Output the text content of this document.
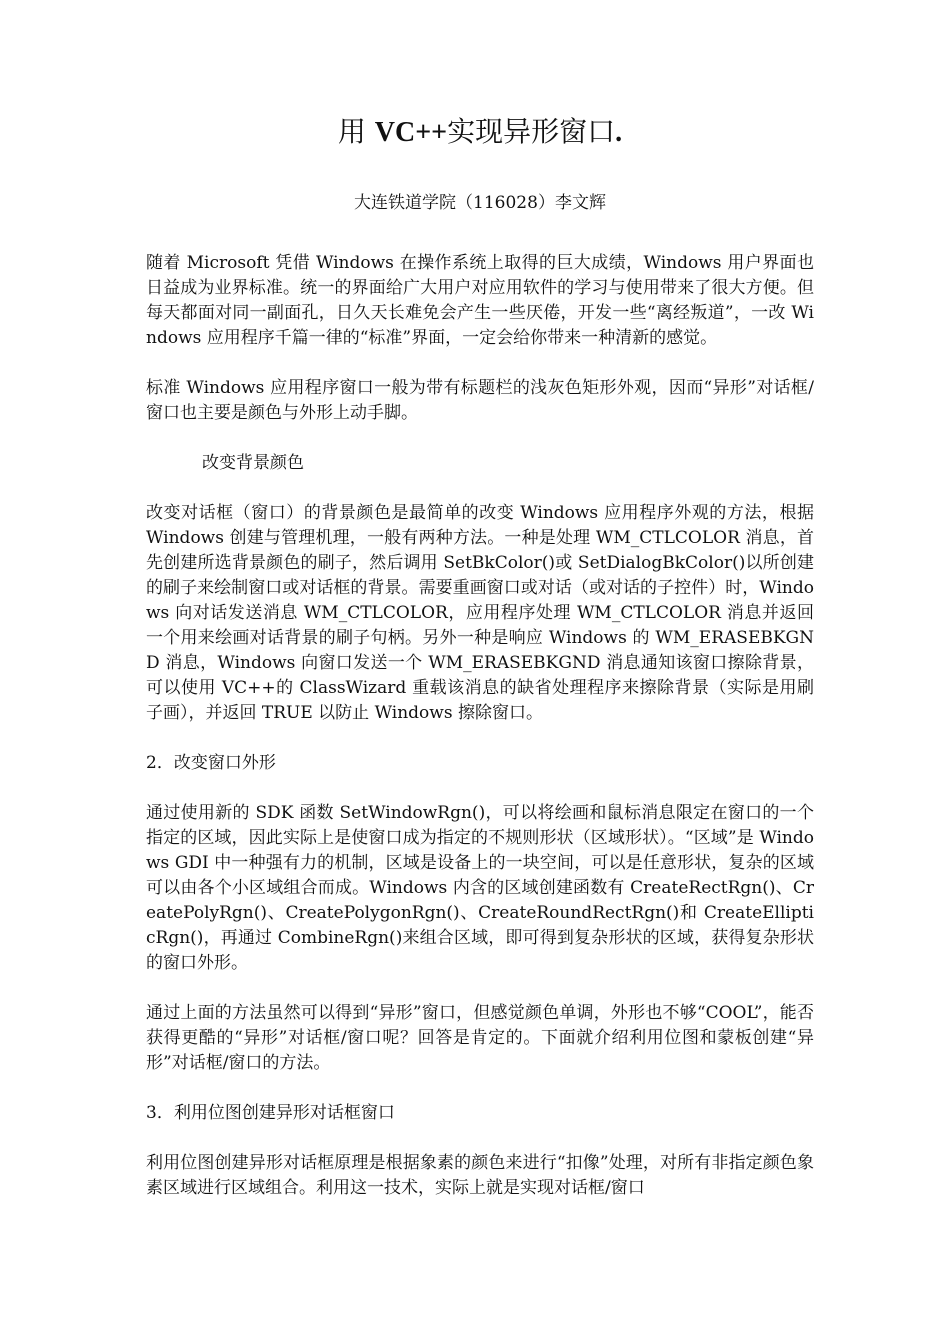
用 VC++实现异形窗口.

大连铁道学院（116028）李文辉

随着 Microsoft 凭借 Windows 在操作系统上取得的巨大成绩，Windows 用户界面也日益成为业界标准。统一的界面给广大用户对应用软件的学习与使用带来了很大方便。但每天都面对同一副面孔，日久天长难免会产生一些厌倦，开发一些“离经叛道”，一改 Windows 应用程序千篇一律的“标准”界面，一定会给你带来一种清新的感觉。

标准 Windows 应用程序窗口一般为带有标题栏的浅灰色矩形外观，因而“异形”对话框/窗口也主要是颜色与外形上动手脚。

改变背景颜色

改变对话框（窗口）的背景颜色是最简单的改变 Windows 应用程序外观的方法，根据 Windows 创建与管理机理，一般有两种方法。一种是处理 WM_CTLCOLOR 消息，首先创建所选背景颜色的刷子，然后调用 SetBkColor()或 SetDialogBkColor()以所创建的刷子来绘制窗口或对话框的背景。需要重画窗口或对话（或对话的子控件）时，Windows 向对话发送消息 WM_CTLCOLOR，应用程序处理 WM_CTLCOLOR 消息并返回一个用来绘画对话背景的刷子句柄。另外一种是响应 Windows 的 WM_ERASEBKGND 消息，Windows 向窗口发送一个 WM_ERASEBKGND 消息通知该窗口擦除背景，可以使用 VC++的 ClassWizard 重载该消息的缺省处理程序来擦除背景（实际是用刷子画），并返回 TRUE 以防止 Windows 擦除窗口。

2．改变窗口外形

通过使用新的 SDK 函数 SetWindowRgn()，可以将绘画和鼠标消息限定在窗口的一个指定的区域，因此实际上是使窗口成为指定的不规则形状（区域形状）。“区域”是 Windows GDI 中一种强有力的机制，区域是设备上的一块空间，可以是任意形状，复杂的区域可以由各个小区域组合而成。Windows 内含的区域创建函数有 CreateRectRgn()、CreatePolyRgn()、CreatePolygonRgn()、CreateRoundRectRgn()和 CreateEllipticRgn()，再通过 CombineRgn()来组合区域，即可得到复杂形状的区域，获得复杂形状的窗口外形。

通过上面的方法虽然可以得到“异形”窗口，但感觉颜色单调，外形也不够“COOL”，能否获得更酷的“异形”对话框/窗口呢？回答是肯定的。下面就介绍利用位图和蒙板创建“异形”对话框/窗口的方法。

3．利用位图创建异形对话框窗口

利用位图创建异形对话框原理是根据象素的颜色来进行“扣像”处理，对所有非指定颜色象素区域进行区域组合。利用这一技术，实际上就是实现对话框/窗口
